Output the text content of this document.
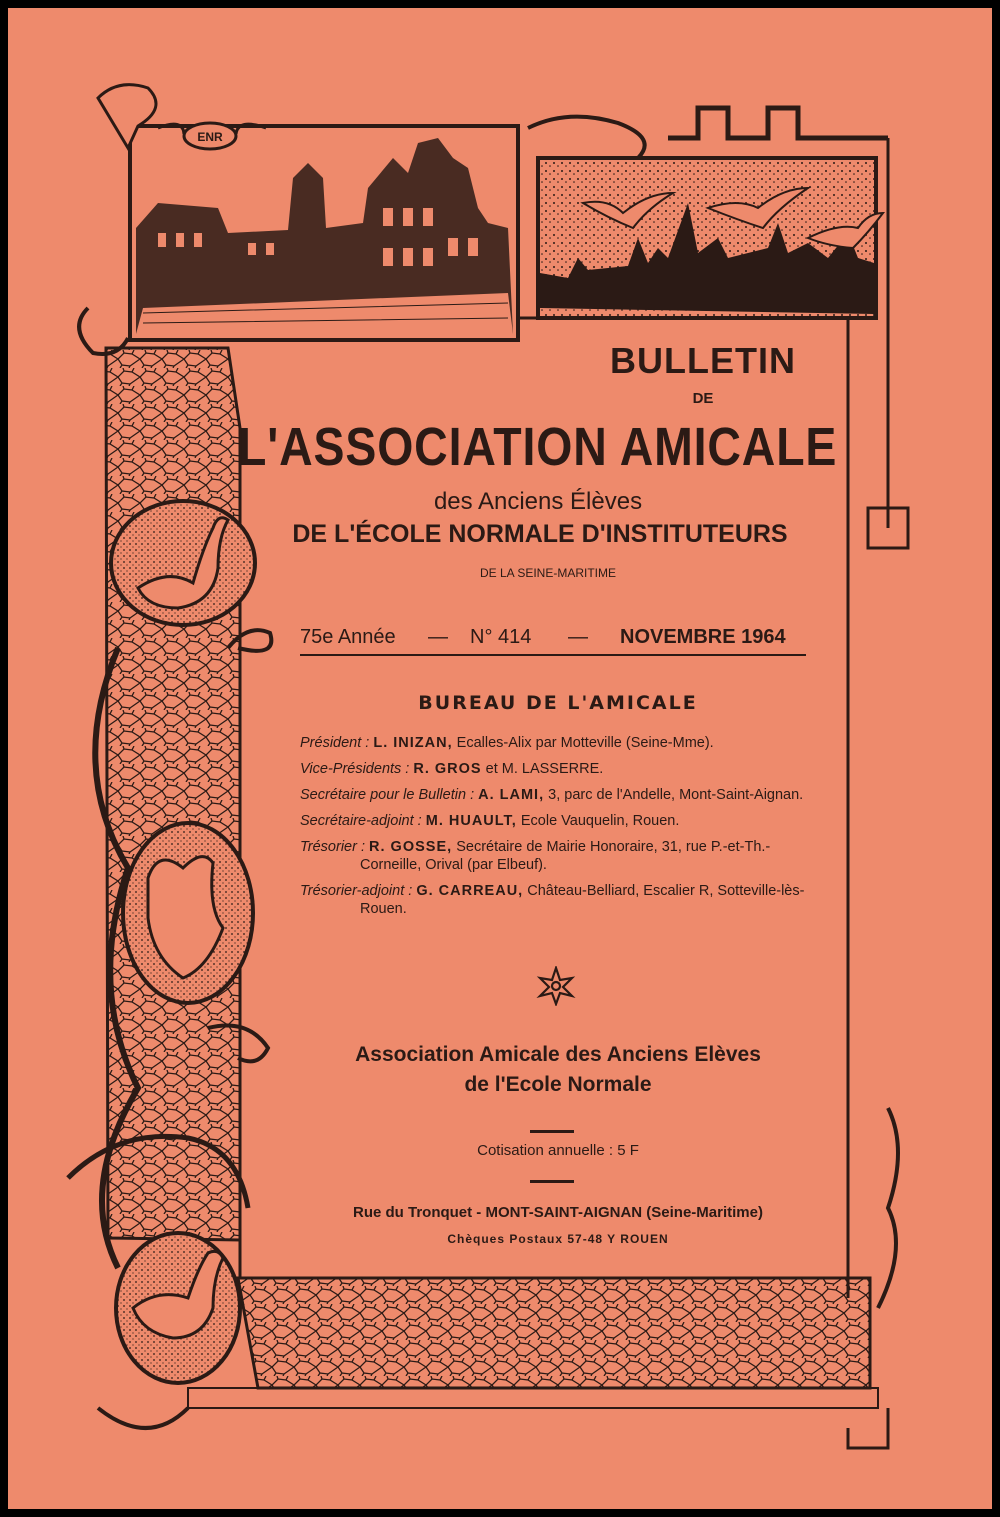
ENR
BULLETIN
DE
L'ASSOCIATION AMICALE
des Anciens Élèves
DE L'ÉCOLE NORMALE D'INSTITUTEURS
DE LA SEINE-MARITIME
75e Année — N° 414 — NOVEMBRE 1964
BUREAU DE L'AMICALE
Président : L. INIZAN, Ecalles-Alix par Motteville (Seine-Mme).
Vice-Présidents : R. GROS et M. LASSERRE.
Secrétaire pour le Bulletin : A. LAMI, 3, parc de l'Andelle, Mont-Saint-Aignan.
Secrétaire-adjoint : M. HUAULT, Ecole Vauquelin, Rouen.
Trésorier : R. GOSSE, Secrétaire de Mairie Honoraire, 31, rue P.-et-Th.-Corneille, Orival (par Elbeuf).
Trésorier-adjoint : G. CARREAU, Château-Belliard, Escalier R, Sotteville-lès-Rouen.
Association Amicale des Anciens Elèves
de l'Ecole Normale
Cotisation annuelle : 5 F
Rue du Tronquet - MONT-SAINT-AIGNAN (Seine-Maritime)
Chèques Postaux 57-48 Y ROUEN
